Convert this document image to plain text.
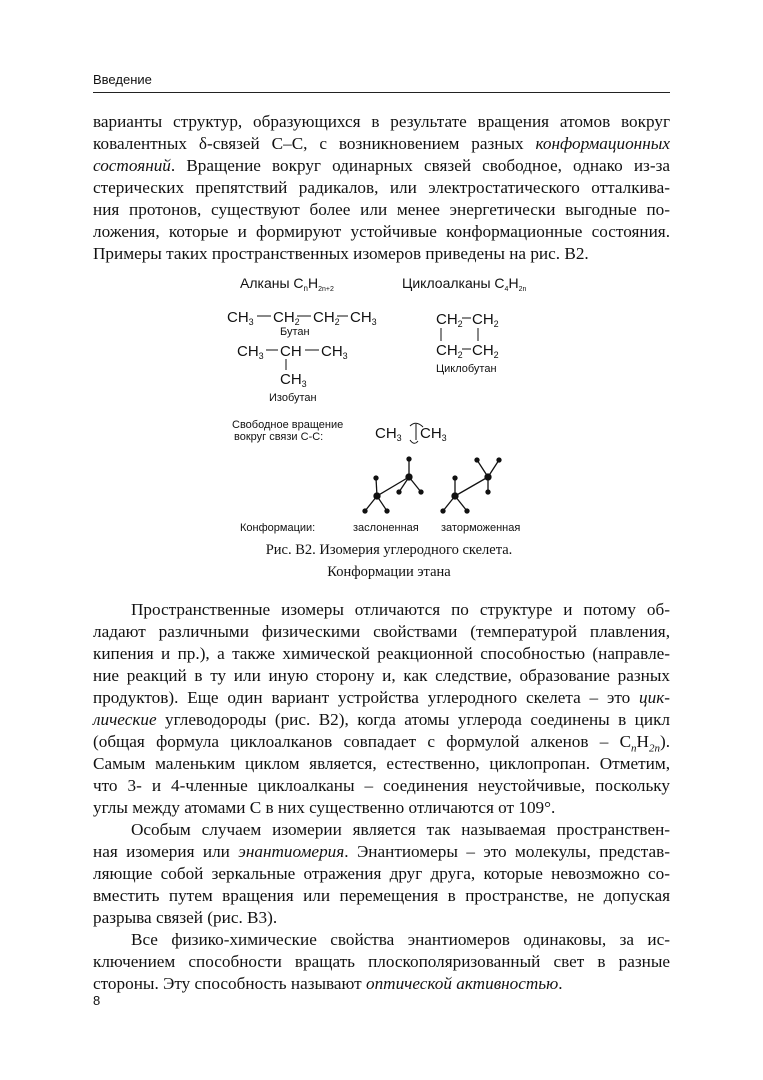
Введение
варианты структур, образующихся в результате вращения атомов вокруг
ковалентных δ-связей С–С, с возникновением разных конформационных
состояний. Вращение вокруг одинарных связей свободное, однако из-за
стерических препятствий радикалов, или электростатического отталкива-
ния протонов, существуют более или менее энергетически выгодные по-
ложения, которые и формируют устойчивые конформационные состояния.
Примеры таких пространственных изомеров приведены на рис. В2.
Пространственные изомеры отличаются по структуре и потому об-
ладают различными физическими свойствами (температурой плавления,
кипения и пр.), а также химической реакционной способностью (направле-
ние реакций в ту или иную сторону и, как следствие, образование разных
продуктов). Еще один вариант устройства углеродного скелета – это цик-
лические углеводороды (рис. В2), когда атомы углерода соединены в цикл
(общая формула циклоалканов совпадает с формулой алкенов – $C_nH_{2n}$).
Самым маленьким циклом является, естественно, циклопропан. Отметим,
что 3- и 4-членные циклоалканы – соединения неустойчивые, поскольку
углы между атомами С в них существенно отличаются от 109°.
Особым случаем изомерии является так называемая пространствен-
ная изомерия или энантиомерия. Энантиомеры – это молекулы, представ-
ляющие собой зеркальные отражения друг друга, которые невозможно со-
вместить путем вращения или перемещения в пространстве, не допуская
разрыва связей (рис. В3).
Все физико-химические свойства энантиомеров одинаковы, за ис-
ключением способности вращать плоскополяризованный свет в разные
стороны. Эту способность называют оптической активностью.
Алканы $C_nH_{2n+2}$	Циклоалканы $C_4H_{2n}$
$CH_3$ $CH_2$ $CH_2$ $CH_3$
Бутан
$CH_3$ CH $CH_3$
$CH_3$
Изобутан
$CH_2$ $CH_2$
$CH_2$ $CH_2$
Циклобутан
Свободное вращение
вокруг связи С-С:	$CH_3$ $CH_3$
Конформации:	заслоненная заторможенная
Рис. В2. Изомерия углеродного скелета.
Конформации этана
8
